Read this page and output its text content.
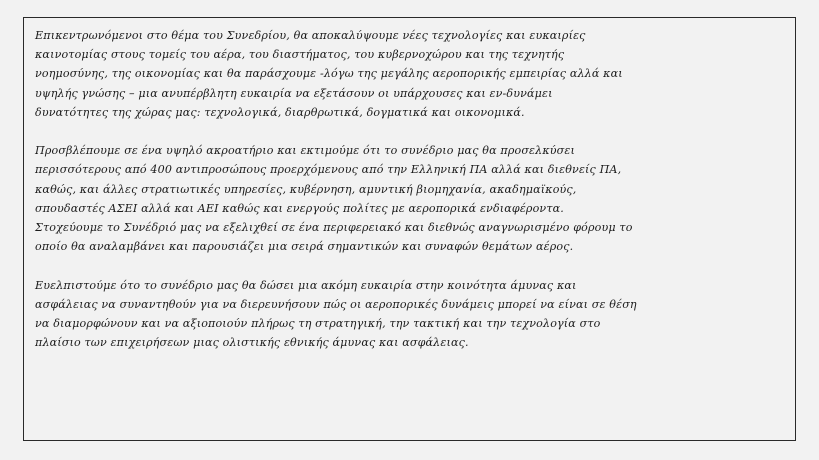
Επικεντρωνόμενοι στο θέμα του Συνεδρίου, θα αποκαλύψουμε νέες τεχνολογίες και ευκαιρίες
καινοτομίας στους τομείς του αέρα, του διαστήματος, του κυβερνοχώρου και της τεχνητής
νοημοσύνης, της οικονομίας και θα παράσχουμε -λόγω της μεγάλης αεροπορικής εμπειρίας αλλά και
υψηλής γνώσης – μια ανυπέρβλητη ευκαιρία να εξετάσουν οι υπάρχουσες και εν-δυνάμει
δυνατότητες της χώρας μας: τεχνολογικά, διαρθρωτικά, δογματικά και οικονομικά.

Προσβλέπουμε σε ένα υψηλό ακροατήριο και εκτιμούμε ότι το συνέδριο μας θα προσελκύσει
περισσότερους από 400 αντιπροσώπους προερχόμενους από την Ελληνική ΠΑ αλλά και διεθνείς ΠΑ,
καθώς, και άλλες στρατιωτικές υπηρεσίες, κυβέρνηση, αμυντική βιομηχανία, ακαδημαϊκούς,
σπουδαστές ΑΣΕΙ αλλά και ΑΕΙ καθώς και ενεργούς πολίτες με αεροπορικά ενδιαφέροντα.
Στοχεύουμε το Συνέδριό μας να εξελιχθεί σε ένα περιφερειακό και διεθνώς αναγνωρισμένο φόρουμ το
οποίο θα αναλαμβάνει και παρουσιάζει μια σειρά σημαντικών και συναφών θεμάτων αέρος.

Ευελπιστούμε ότο το συνέδριο μας θα δώσει μια ακόμη ευκαιρία στην κοινότητα άμυνας και
ασφάλειας να συναντηθούν για να διερευνήσουν πώς οι αεροπορικές δυνάμεις μπορεί να είναι σε θέση
να διαμορφώνουν και να αξιοποιούν πλήρως τη στρατηγική, την τακτική και την τεχνολογία στο
πλαίσιο των επιχειρήσεων μιας ολιστικής εθνικής άμυνας και ασφάλειας.
